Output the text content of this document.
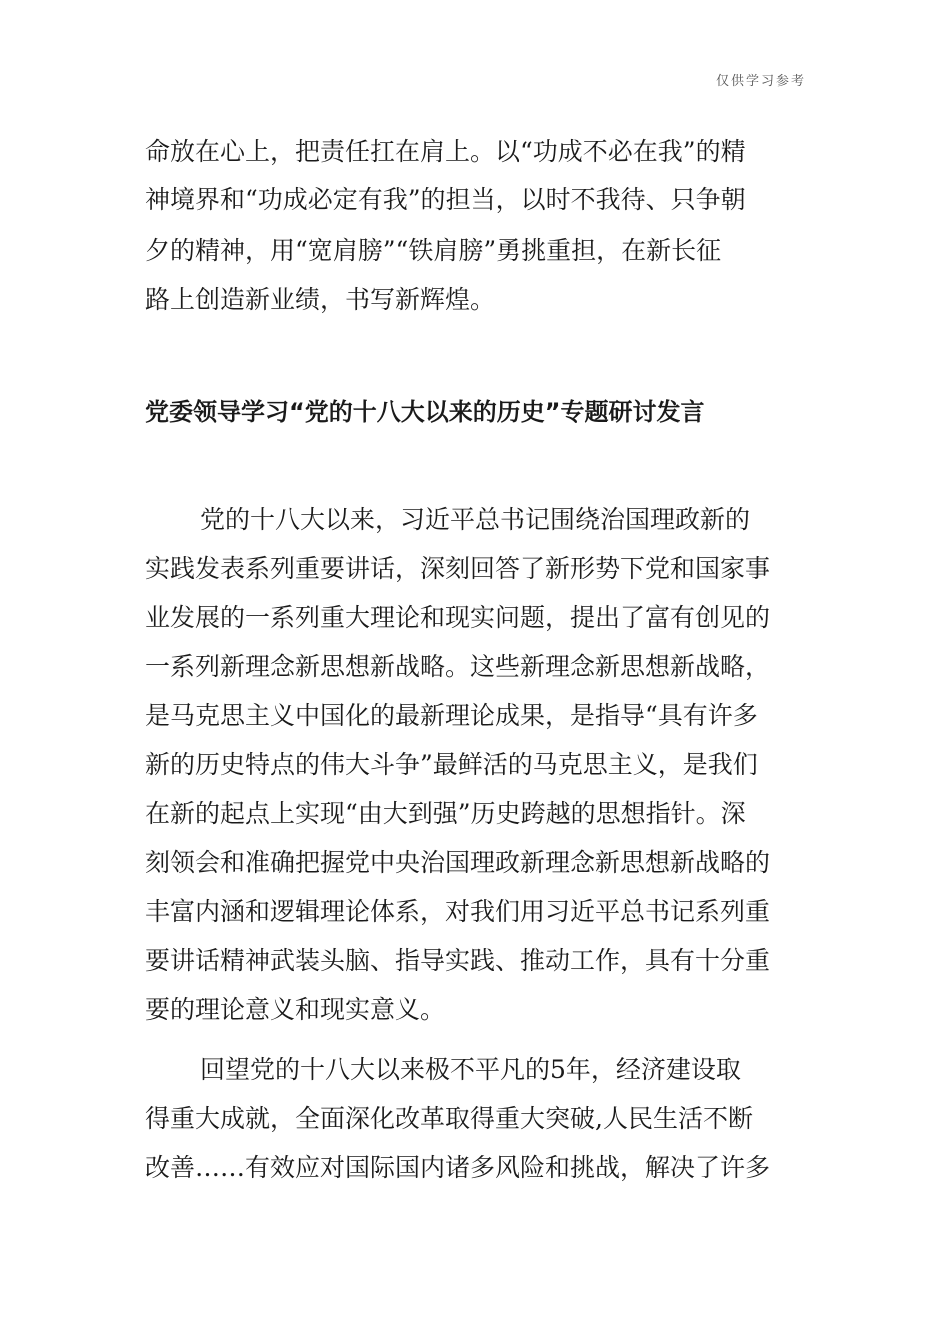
仅供学习参考
命放在心上，把责任扛在肩上。以“功成不必在我”的精
神境界和“功成必定有我”的担当，以时不我待、只争朝
夕的精神，用“宽肩膀”“铁肩膀”勇挑重担，在新长征
路上创造新业绩，书写新辉煌。
党委领导学习“党的十八大以来的历史”专题研讨发言
党的十八大以来，习近平总书记围绕治国理政新的
实践发表系列重要讲话，深刻回答了新形势下党和国家事
业发展的一系列重大理论和现实问题，提出了富有创见的
一系列新理念新思想新战略。这些新理念新思想新战略，
是马克思主义中国化的最新理论成果，是指导“具有许多
新的历史特点的伟大斗争”最鲜活的马克思主义，是我们
在新的起点上实现“由大到强”历史跨越的思想指针。深
刻领会和准确把握党中央治国理政新理念新思想新战略的
丰富内涵和逻辑理论体系，对我们用习近平总书记系列重
要讲话精神武装头脑、指导实践、推动工作，具有十分重
要的理论意义和现实意义。
回望党的十八大以来极不平凡的5年，经济建设取
得重大成就，全面深化改革取得重大突破,人民生活不断
改善……有效应对国际国内诸多风险和挑战，解决了许多
